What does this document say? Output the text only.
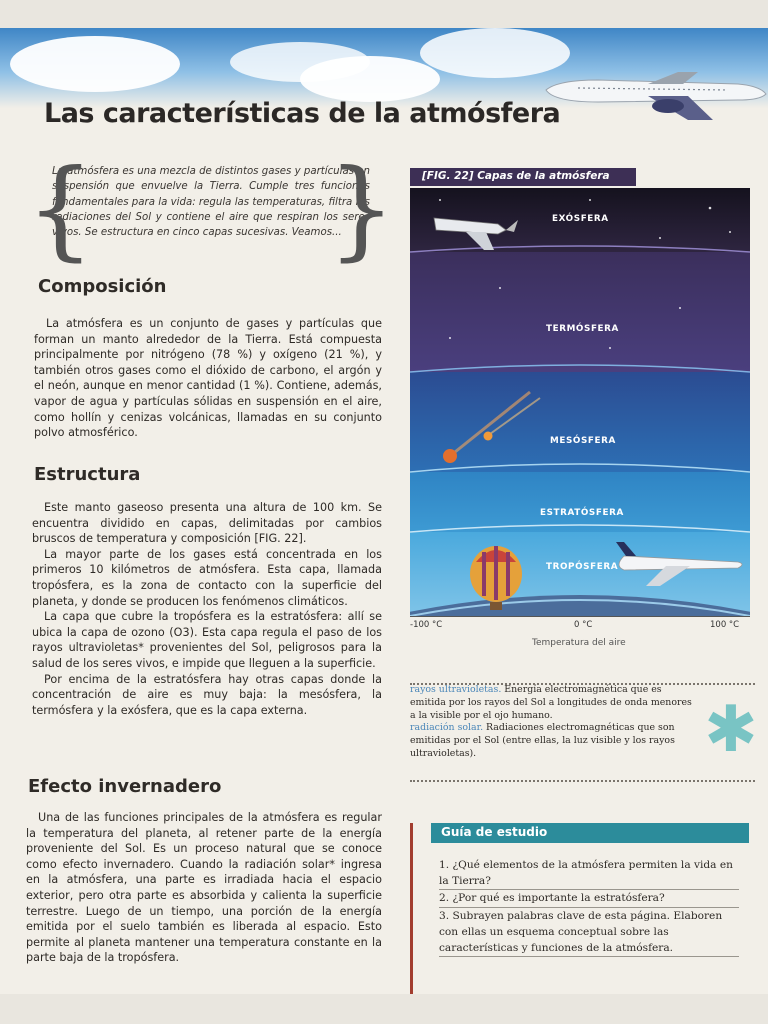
Las características de la atmósfera
{ }

La atmósfera es una mezcla de distintos gases y partículas en suspensión que envuelve la Tierra. Cumple tres funciones fundamentales para la vida: regula las temperaturas, filtra las radiaciones del Sol y contiene el aire que respiran los seres vivos. Se estructura en cinco capas sucesivas. Veamos...

Composición

La atmósfera es un conjunto de gases y partículas que forman un manto alrededor de la Tierra. Está compuesta principalmente por nitrógeno (78 %) y oxígeno (21 %), y también otros gases como el dióxido de carbono, el argón y el neón, aunque en menor cantidad (1 %). Contiene, además, vapor de agua y partículas sólidas en suspensión en el aire, como hollín y cenizas volcánicas, llamadas en su conjunto polvo atmosférico.

Estructura

Este manto gaseoso presenta una altura de 100 km. Se encuentra dividido en capas, delimitadas por cambios bruscos de temperatura y composición [FIG. 22].

La mayor parte de los gases está concentrada en los primeros 10 kilómetros de atmósfera. Esta capa, llamada tropósfera, es la zona de contacto con la superficie del planeta, y donde se producen los fenómenos climáticos.

La capa que cubre la tropósfera es la estratósfera: allí se ubica la capa de ozono (O3). Esta capa regula el paso de los rayos ultravioletas* provenientes del Sol, peligrosos para la salud de los seres vivos, e impide que lleguen a la superficie.

Por encima de la estratósfera hay otras capas donde la concentración de aire es muy baja: la mesósfera, la termósfera y la exósfera, que es la capa externa.

Efecto invernadero

Una de las funciones principales de la atmósfera es regular la temperatura del planeta, al retener parte de la energía proveniente del Sol. Es un proceso natural que se conoce como efecto invernadero. Cuando la radiación solar* ingresa en la atmósfera, una parte es irradiada hacia el espacio exterior, pero otra parte es absorbida y calienta la superficie terrestre. Luego de un tiempo, una porción de la energía emitida por el suelo también es liberada al espacio. Esto permite al planeta mantener una temperatura constante en la parte baja de la tropósfera.

[FIG. 22] Capas de la atmósfera
EXÓSFERA
TERMÓSFERA
MESÓSFERA
ESTRATÓSFERA
TROPÓSFERA
-100 °C	0 °C	100 °C
Temperatura del aire

rayos ultravioletas. Energía electromagnética que es emitida por los rayos del Sol a longitudes de onda menores a la visible por el ojo humano.

radiación solar. Radiaciones electromagnéticas que son emitidas por el Sol (entre ellas, la luz visible y los rayos ultravioletas).	✱
Guía de estudio
1. ¿Qué elementos de la atmósfera permiten la vida en la Tierra?
2. ¿Por qué es importante la estratósfera?
3. Subrayen palabras clave de esta página. Elaboren con ellas un esquema conceptual sobre las características y funciones de la atmósfera.
